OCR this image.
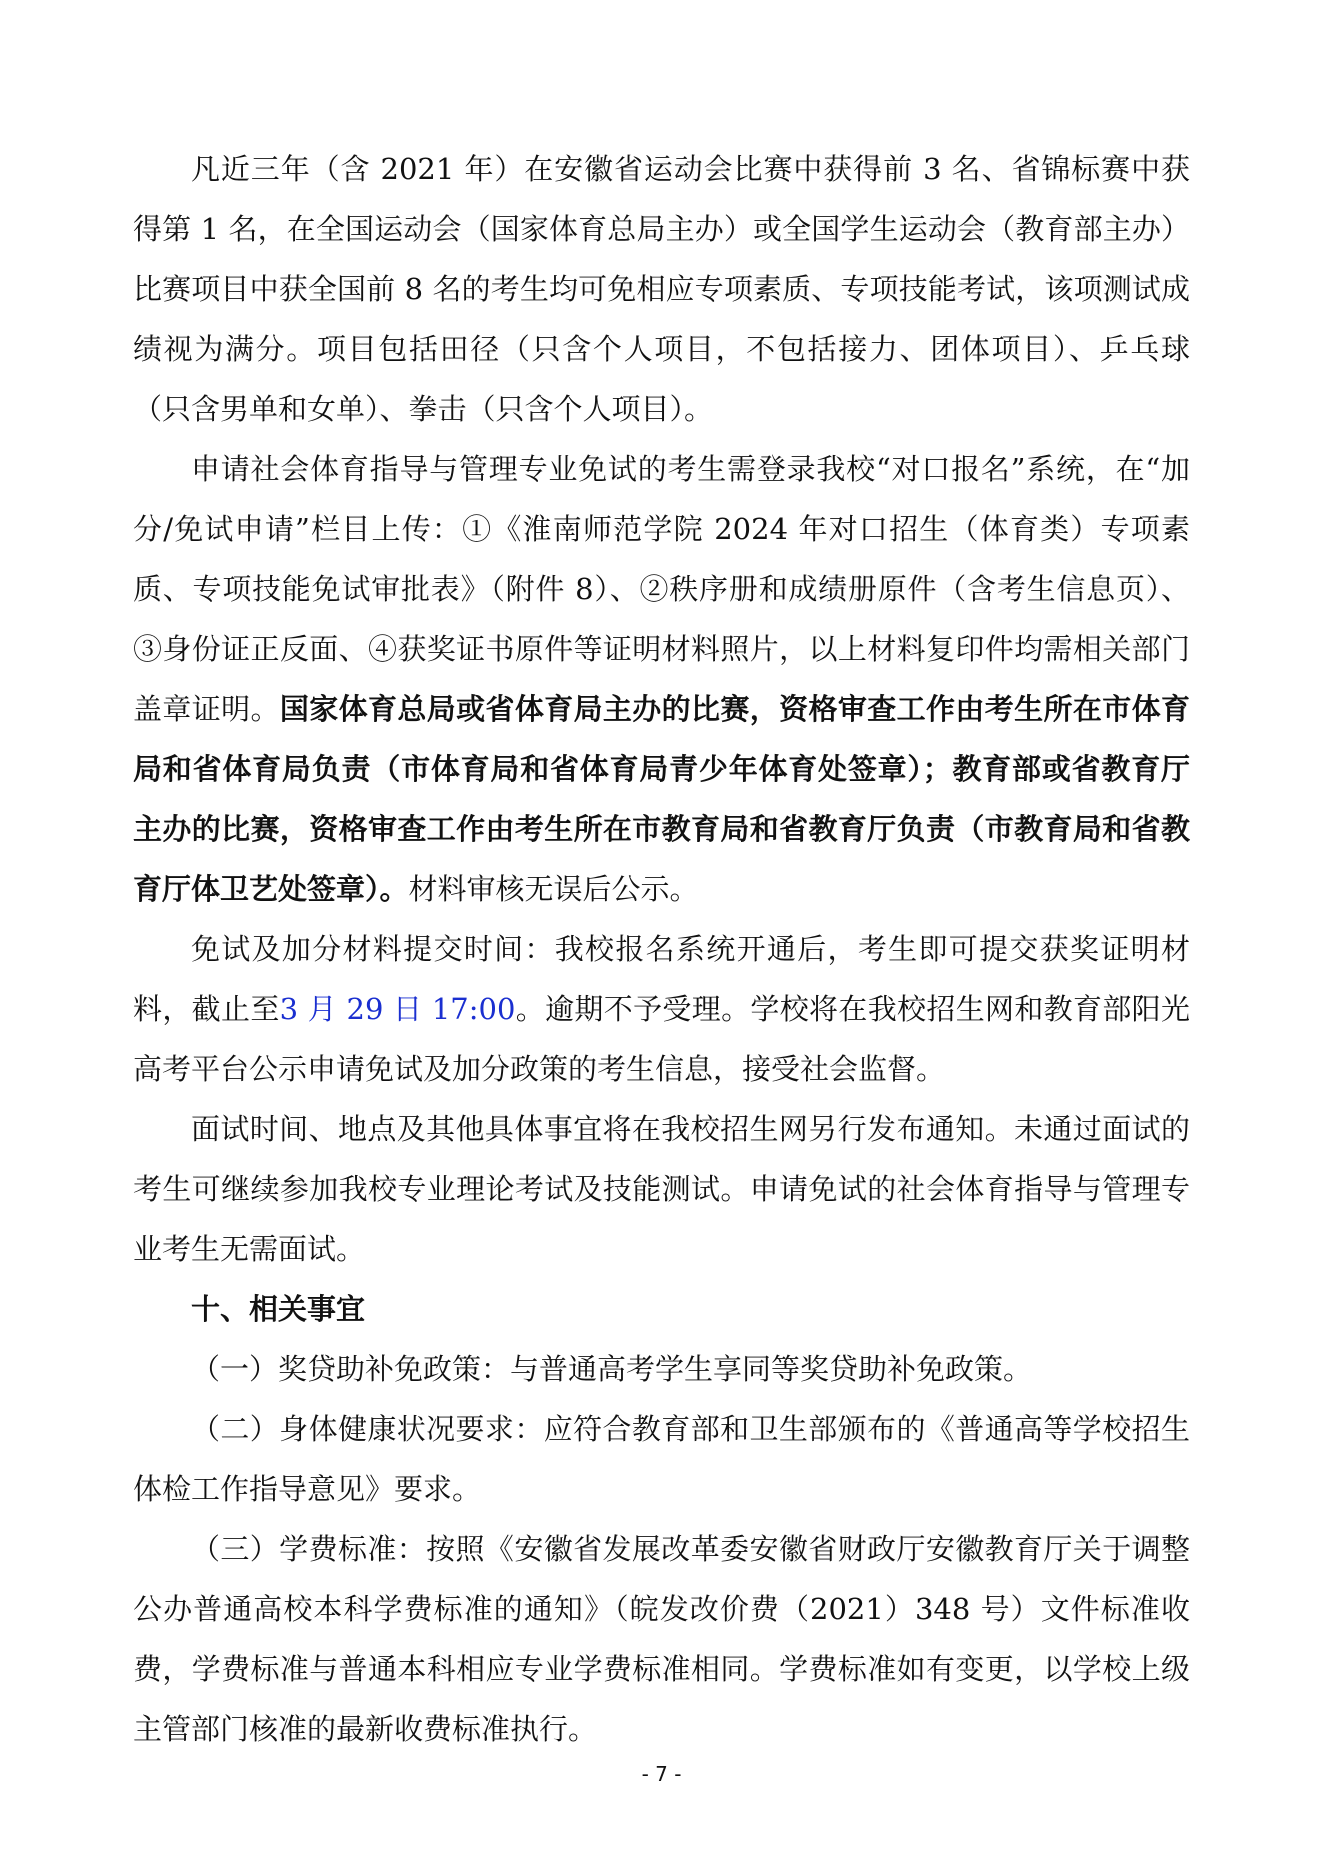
凡近三年（含 2021 年）在安徽省运动会比赛中获得前 3 名、省锦标赛中获得第 1 名，在全国运动会（国家体育总局主办）或全国学生运动会（教育部主办）比赛项目中获全国前 8 名的考生均可免相应专项素质、专项技能考试，该项测试成绩视为满分。项目包括田径（只含个人项目，不包括接力、团体项目）、乒乓球（只含男单和女单）、拳击（只含个人项目）。

申请社会体育指导与管理专业免试的考生需登录我校“对口报名”系统，在“加分/免试申请”栏目上传：①《淮南师范学院 2024 年对口招生（体育类）专项素质、专项技能免试审批表》（附件 8）、②秩序册和成绩册原件（含考生信息页）、③身份证正反面、④获奖证书原件等证明材料照片，以上材料复印件均需相关部门盖章证明。国家体育总局或省体育局主办的比赛，资格审查工作由考生所在市体育局和省体育局负责（市体育局和省体育局青少年体育处签章）；教育部或省教育厅主办的比赛，资格审查工作由考生所在市教育局和省教育厅负责（市教育局和省教育厅体卫艺处签章）。材料审核无误后公示。

免试及加分材料提交时间：我校报名系统开通后，考生即可提交获奖证明材料，截止至3 月 29 日 17:00。逾期不予受理。学校将在我校招生网和教育部阳光高考平台公示申请免试及加分政策的考生信息，接受社会监督。

面试时间、地点及其他具体事宜将在我校招生网另行发布通知。未通过面试的考生可继续参加我校专业理论考试及技能测试。申请免试的社会体育指导与管理专业考生无需面试。

十、相关事宜

（一）奖贷助补免政策：与普通高考学生享同等奖贷助补免政策。

（二）身体健康状况要求：应符合教育部和卫生部颁布的《普通高等学校招生体检工作指导意见》要求。

（三）学费标准：按照《安徽省发展改革委安徽省财政厅安徽教育厅关于调整公办普通高校本科学费标准的通知》（皖发改价费（2021）348 号）文件标准收费，学费标准与普通本科相应专业学费标准相同。学费标准如有变更，以学校上级主管部门核准的最新收费标准执行。

- 7 -
